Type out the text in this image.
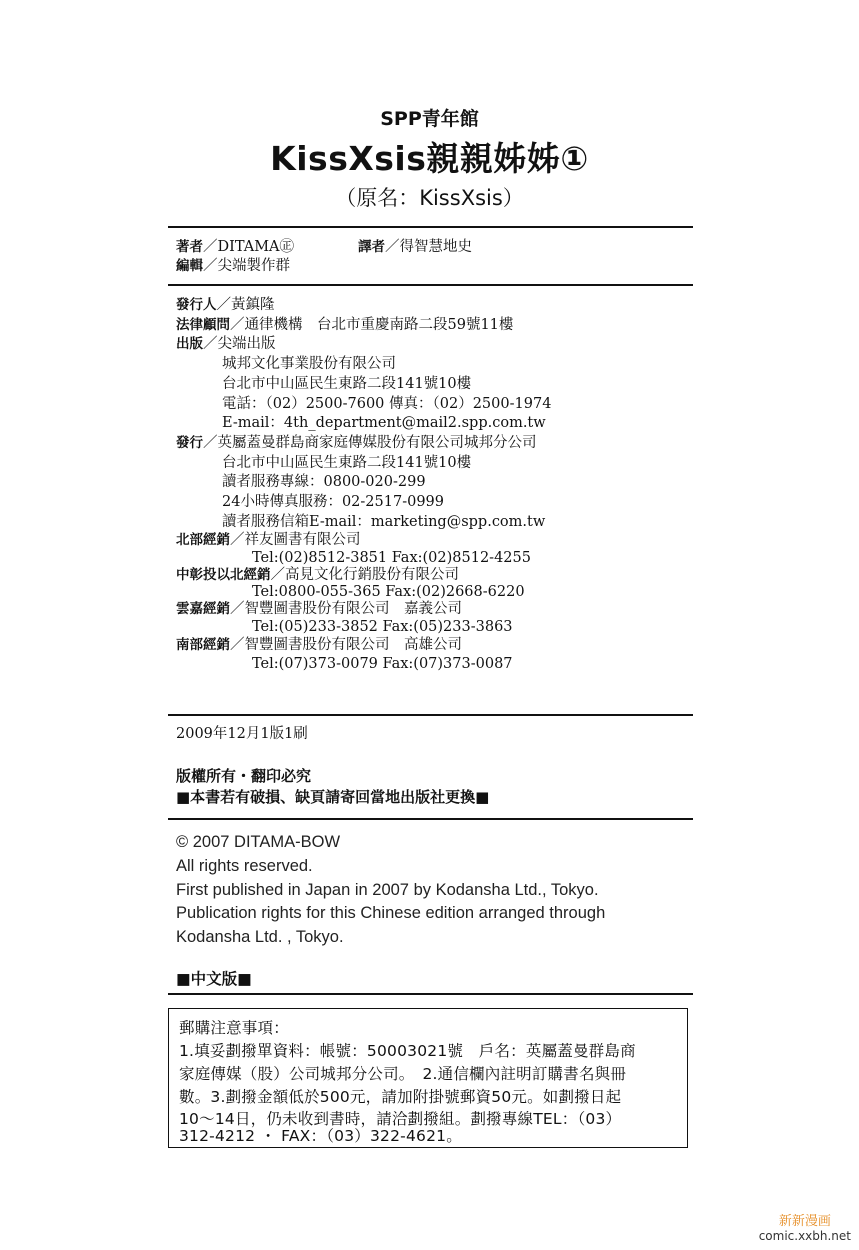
SPP青年館
KissXsis親親姊姊①
（原名：KissXsis）
著者／DITAMA㊣	譯者／得智慧地史
編輯／尖端製作群
發行人／黃鎮隆
法律顧問／通律機構　台北市重慶南路二段59號11樓
出版／尖端出版
城邦文化事業股份有限公司
台北市中山區民生東路二段141號10樓
電話：（02）2500-7600 傳真：（02）2500-1974
E-mail：4th_department@mail2.spp.com.tw
發行／英屬蓋曼群島商家庭傳媒股份有限公司城邦分公司
台北市中山區民生東路二段141號10樓
讀者服務專線：0800-020-299
24小時傳真服務：02-2517-0999
讀者服務信箱E-mail：marketing@spp.com.tw
北部經銷／祥友圖書有限公司
Tel:(02)8512-3851 Fax:(02)8512-4255
中彰投以北經銷／高見文化行銷股份有限公司
Tel:0800-055-365 Fax:(02)2668-6220
雲嘉經銷／智豐圖書股份有限公司　嘉義公司
Tel:(05)233-3852 Fax:(05)233-3863
南部經銷／智豐圖書股份有限公司　高雄公司
Tel:(07)373-0079 Fax:(07)373-0087
2009年12月1版1刷
版權所有・翻印必究
■本書若有破損、缺頁請寄回當地出版社更換■
© 2007 DITAMA-BOW
All rights reserved.
First published in Japan in 2007 by Kodansha Ltd., Tokyo.
Publication rights for this Chinese edition arranged through
Kodansha Ltd. , Tokyo.
■中文版■
郵購注意事項：
1.填妥劃撥單資料：帳號：50003021號　戶名：英屬蓋曼群島商
家庭傳媒（股）公司城邦分公司。　2.通信欄內註明訂購書名與冊
數。3.劃撥金額低於500元，請加附掛號郵資50元。如劃撥日起
10～14日，仍未收到書時，請洽劃撥組。劃撥專線TEL：（03）
312-4212 ・ FAX：（03）322-4621。
新新漫画
comic.xxbh.net
